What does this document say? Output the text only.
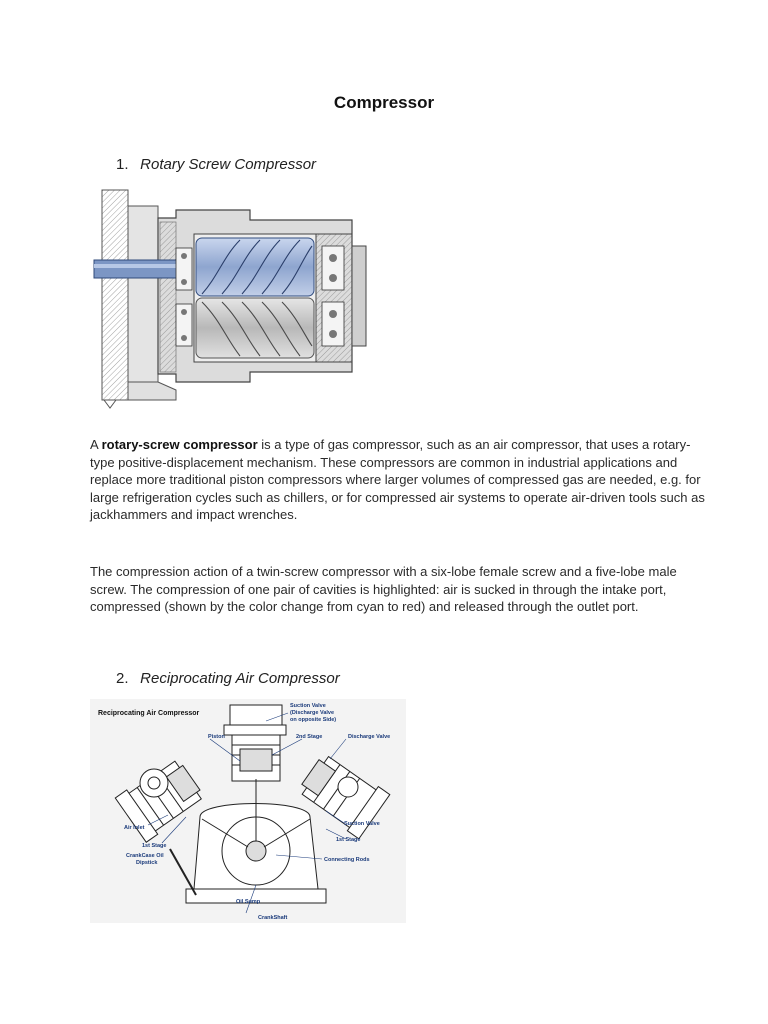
Compressor
1. Rotary Screw Compressor
A rotary-screw compressor is a type of gas compressor, such as an air compressor, that uses a rotary-type positive-displacement mechanism. These compressors are common in industrial applications and replace more traditional piston compressors where larger volumes of compressed gas are needed, e.g. for large refrigeration cycles such as chillers, or for compressed air systems to operate air-driven tools such as jackhammers and impact wrenches.
The compression action of a twin-screw compressor with a six-lobe female screw and a five-lobe male screw. The compression of one pair of cavities is highlighted: air is sucked in through the intake port, compressed (shown by the color change from cyan to red) and released through the outlet port.
2. Reciprocating Air Compressor
Reciprocating Air Compressor
Suction Valve
(Discharge Valve
on opposite Side)
Piston	2nd Stage	Discharge Valve
Air Inlet
1st Stage
CrankCase Oil
Dipstick
Suction Valve
1st Stage
Connecting Rods
Oil Sump
CrankShaft
